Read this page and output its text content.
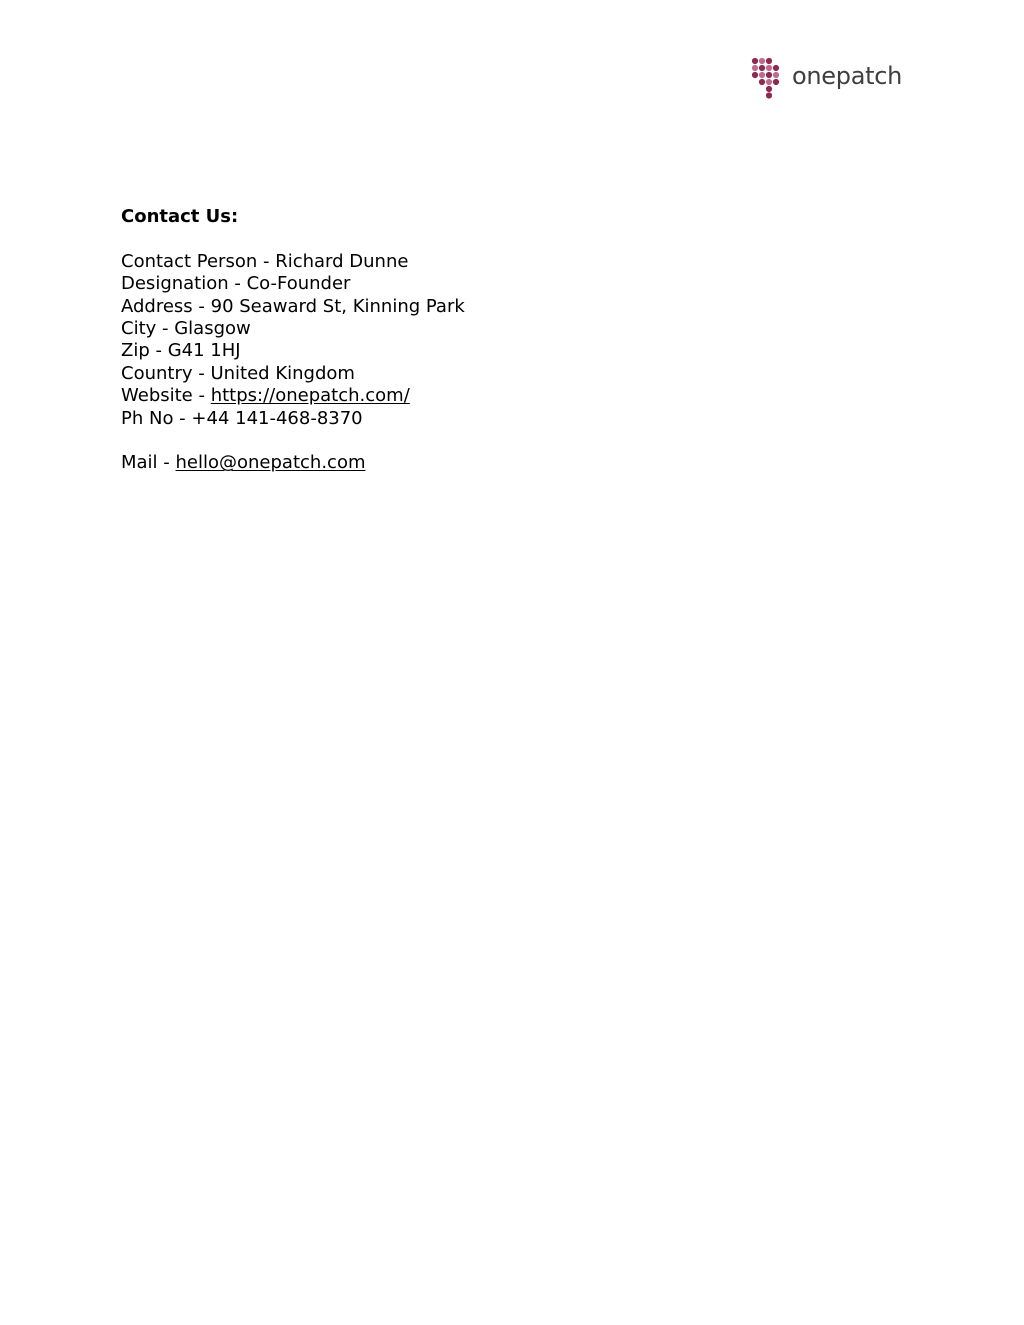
onepatch

Contact Us:

Contact Person - Richard Dunne

Designation - Co-Founder

Address - 90 Seaward St, Kinning Park

City - Glasgow

Zip - G41 1HJ

Country - United Kingdom

Website - https://onepatch.com/

Ph No - +44 141-468-8370

Mail - hello@onepatch.com
